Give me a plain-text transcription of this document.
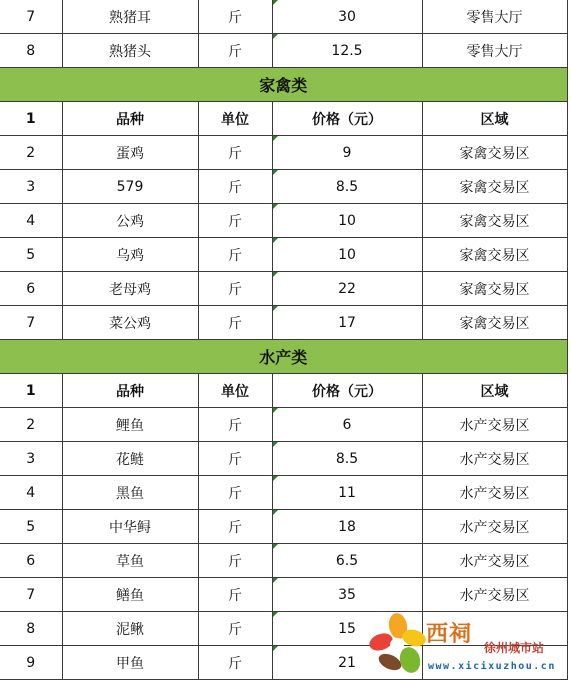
7	熟猪耳	斤	30	零售大厅
8	熟猪头	斤	12.5	零售大厅
家禽类				
1	品种	单位	价格（元）	区域
2	蛋鸡	斤	9	家禽交易区
3	579	斤	8.5	家禽交易区
4	公鸡	斤	10	家禽交易区
5	乌鸡	斤	10	家禽交易区
6	老母鸡	斤	22	家禽交易区
7	菜公鸡	斤	17	家禽交易区
水产类				
1	品种	单位	价格（元）	区域
2	鲤鱼	斤	6	水产交易区
3	花鲢	斤	8.5	水产交易区
4	黑鱼	斤	11	水产交易区
5	中华鲟	斤	18	水产交易区
6	草鱼	斤	6.5	水产交易区
7	鳝鱼	斤	35	水产交易区
8	泥鳅	斤	15	
9	甲鱼	斤	21	
西祠
徐州城市站
www.xicixuzhou.cn
